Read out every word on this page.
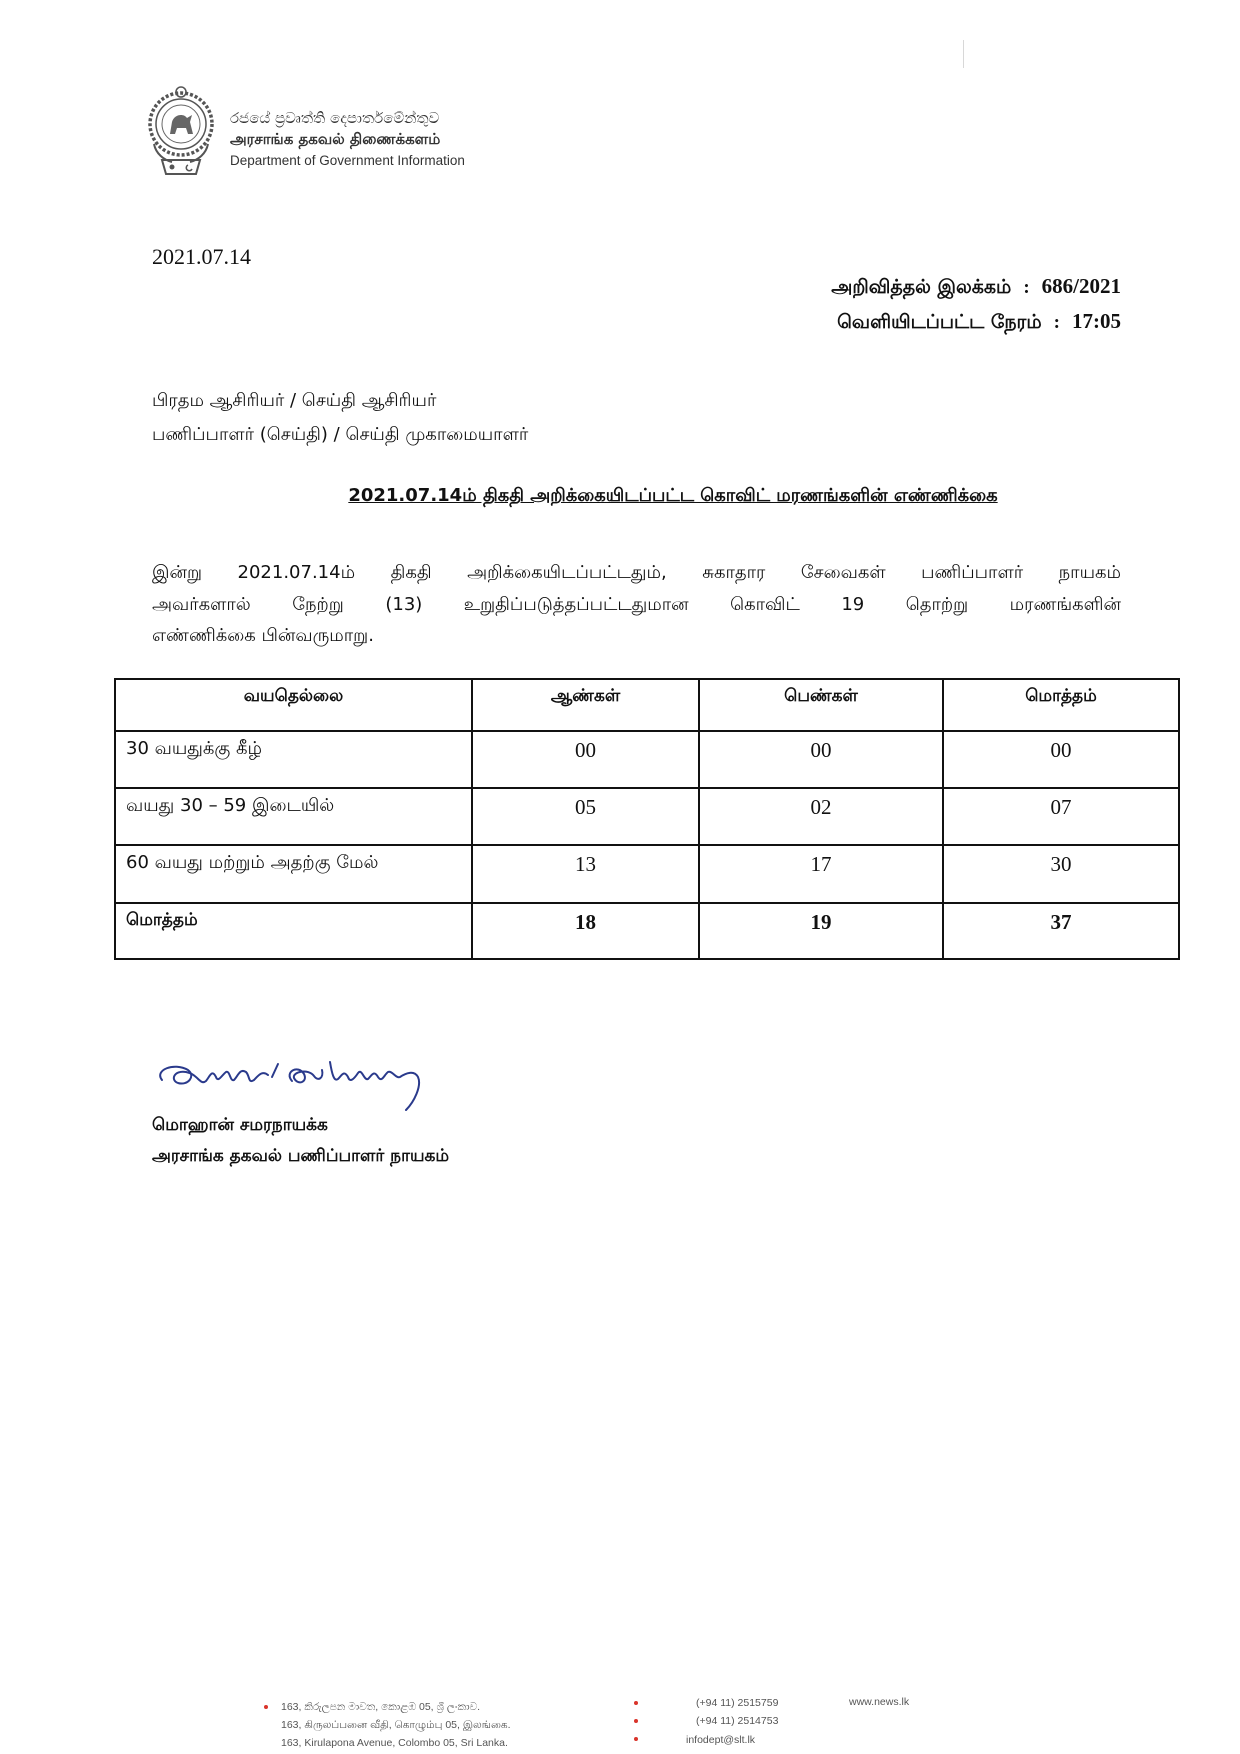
රජයේ ප්‍රවෘත්ති දෙපාර්තමේන්තුව
அரசாங்க தகவல் திணைக்களம்
Department of Government Information
2021.07.14
அறிவித்தல் இலக்கம் : 686/2021
வெளியிடப்பட்ட நேரம் : 17:05
பிரதம ஆசிரியர் / செய்தி ஆசிரியர்
பணிப்பாளர் (செய்தி) / செய்தி முகாமையாளர்
2021.07.14ம் திகதி அறிக்கையிடப்பட்ட கொவிட் மரணங்களின் எண்ணிக்கை
இன்று 2021.07.14ம் திகதி அறிக்கையிடப்பட்டதும், சுகாதார சேவைகள் பணிப்பாளர் நாயகம்
அவர்களால் நேற்று (13) உறுதிப்படுத்தப்பட்டதுமான கொவிட் 19 தொற்று மரணங்களின்
எண்ணிக்கை பின்வருமாறு.
வயதெல்லை	ஆண்கள்	பெண்கள்	மொத்தம்
30 வயதுக்கு கீழ்	00	00	00
வயது 30 – 59 இடையில்	05	02	07
60 வயது மற்றும் அதற்கு மேல்	13	17	30
மொத்தம்	18	19	37
மொஹான் சமரநாயக்க
அரசாங்க தகவல் பணிப்பாளர் நாயகம்
163, කිරුලපන මාවත, කොළඹ 05, ශ්‍රී ලංකාව.
163, கிருலப்பனை வீதி, கொழும்பு 05, இலங்கை.
163, Kirulapona Avenue, Colombo 05, Sri Lanka.
(+94 11) 2515759
(+94 11) 2514753
infodept@slt.lk
www.news.lk
